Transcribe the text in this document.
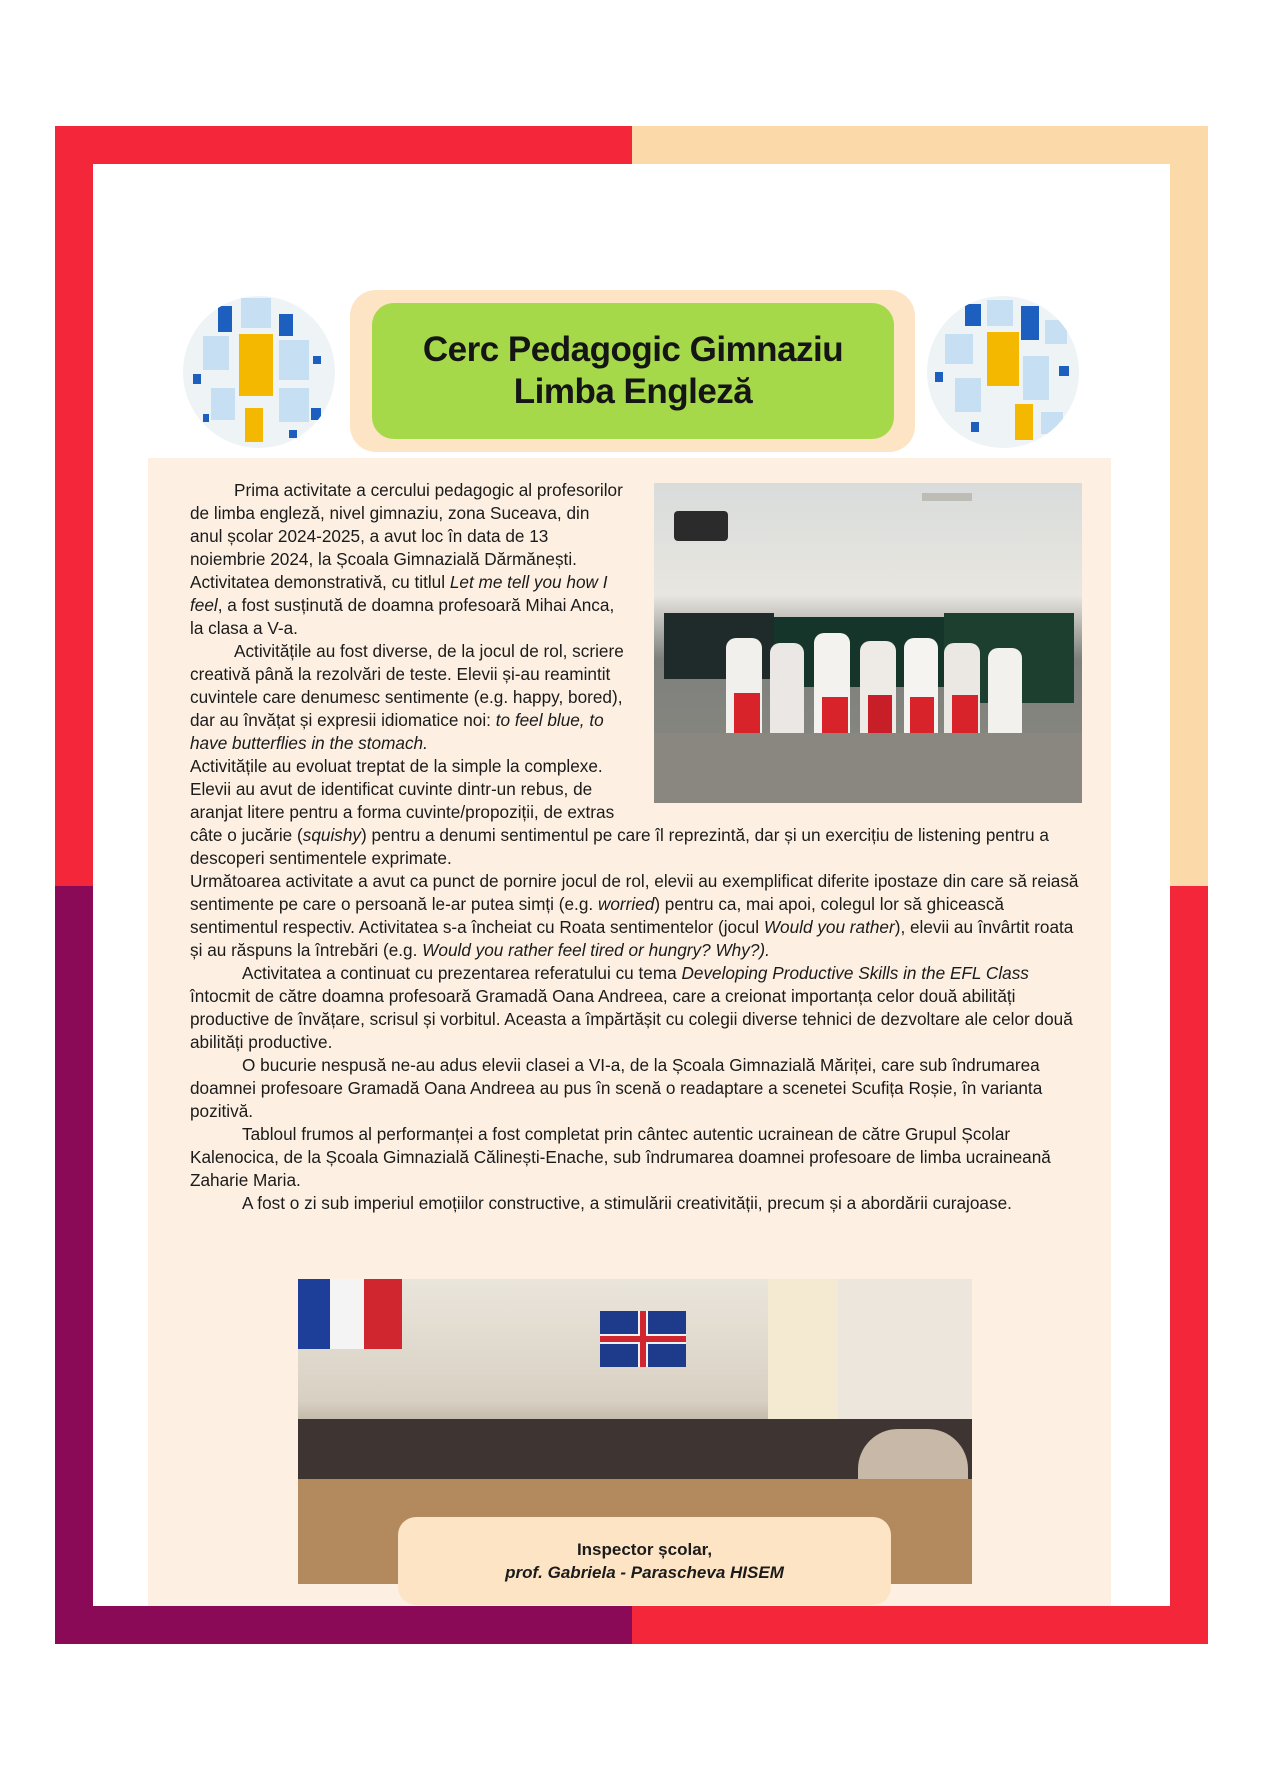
Cerc Pedagogic Gimnaziu
Limba Engleză

Prima activitate a cercului pedagogic al profesorilor de limba engleză, nivel gimnaziu, zona Suceava, din anul școlar 2024-2025, a avut loc în data de 13 noiembrie 2024, la Școala Gimnazială Dărmănești.

Activitatea demonstrativă, cu titlul Let me tell you how I feel, a fost susținută de doamna profesoară Mihai Anca, la clasa a V-a.

Activitățile au fost diverse, de la jocul de rol, scriere creativă până la rezolvări de teste. Elevii și-au reamintit cuvintele care denumesc sentimente (e.g. happy, bored), dar au învățat și expresii idiomatice noi: to feel blue, to have butterflies in the stomach.

Activitățile au evoluat treptat de la simple la complexe. Elevii au avut de identificat cuvinte dintr-un rebus, de aranjat litere pentru a forma cuvinte/propoziții, de extras câte o jucărie (squishy) pentru a denumi sentimentul pe care îl reprezintă, dar și un exercițiu de listening pentru a descoperi sentimentele exprimate.

Următoarea activitate a avut ca punct de pornire jocul de rol, elevii au exemplificat diferite ipostaze din care să reiasă sentimente pe care o persoană le-ar putea simți (e.g. worried) pentru ca, mai apoi, colegul lor să ghicească sentimentul respectiv. Activitatea s-a încheiat cu Roata sentimentelor (jocul Would you rather), elevii au învârtit roata și au răspuns la întrebări (e.g. Would you rather feel tired or hungry? Why?).

Activitatea a continuat cu prezentarea referatului cu tema Developing Productive Skills in the EFL Class întocmit de către doamna profesoară Gramadă Oana Andreea, care a creionat importanța celor două abilități productive de învățare, scrisul și vorbitul. Aceasta a împărtășit cu colegii diverse tehnici de dezvoltare ale celor două abilități productive.

O bucurie nespusă ne-au adus elevii clasei a VI-a, de la Școala Gimnazială Măriței, care sub îndrumarea doamnei profesoare Gramadă Oana Andreea au pus în scenă o readaptare a scenetei Scufița Roșie, în varianta pozitivă.

Tabloul frumos al performanței a fost completat prin cântec autentic ucrainean de către Grupul Școlar Kalenocica, de la Școala Gimnazială Călinești-Enache, sub îndrumarea doamnei profesoare de limba ucraineană Zaharie Maria.

A fost o zi sub imperiul emoțiilor constructive, a stimulării creativității, precum și a abordării curajoase.

Inspector școlar,
prof. Gabriela - Parascheva HISEM
